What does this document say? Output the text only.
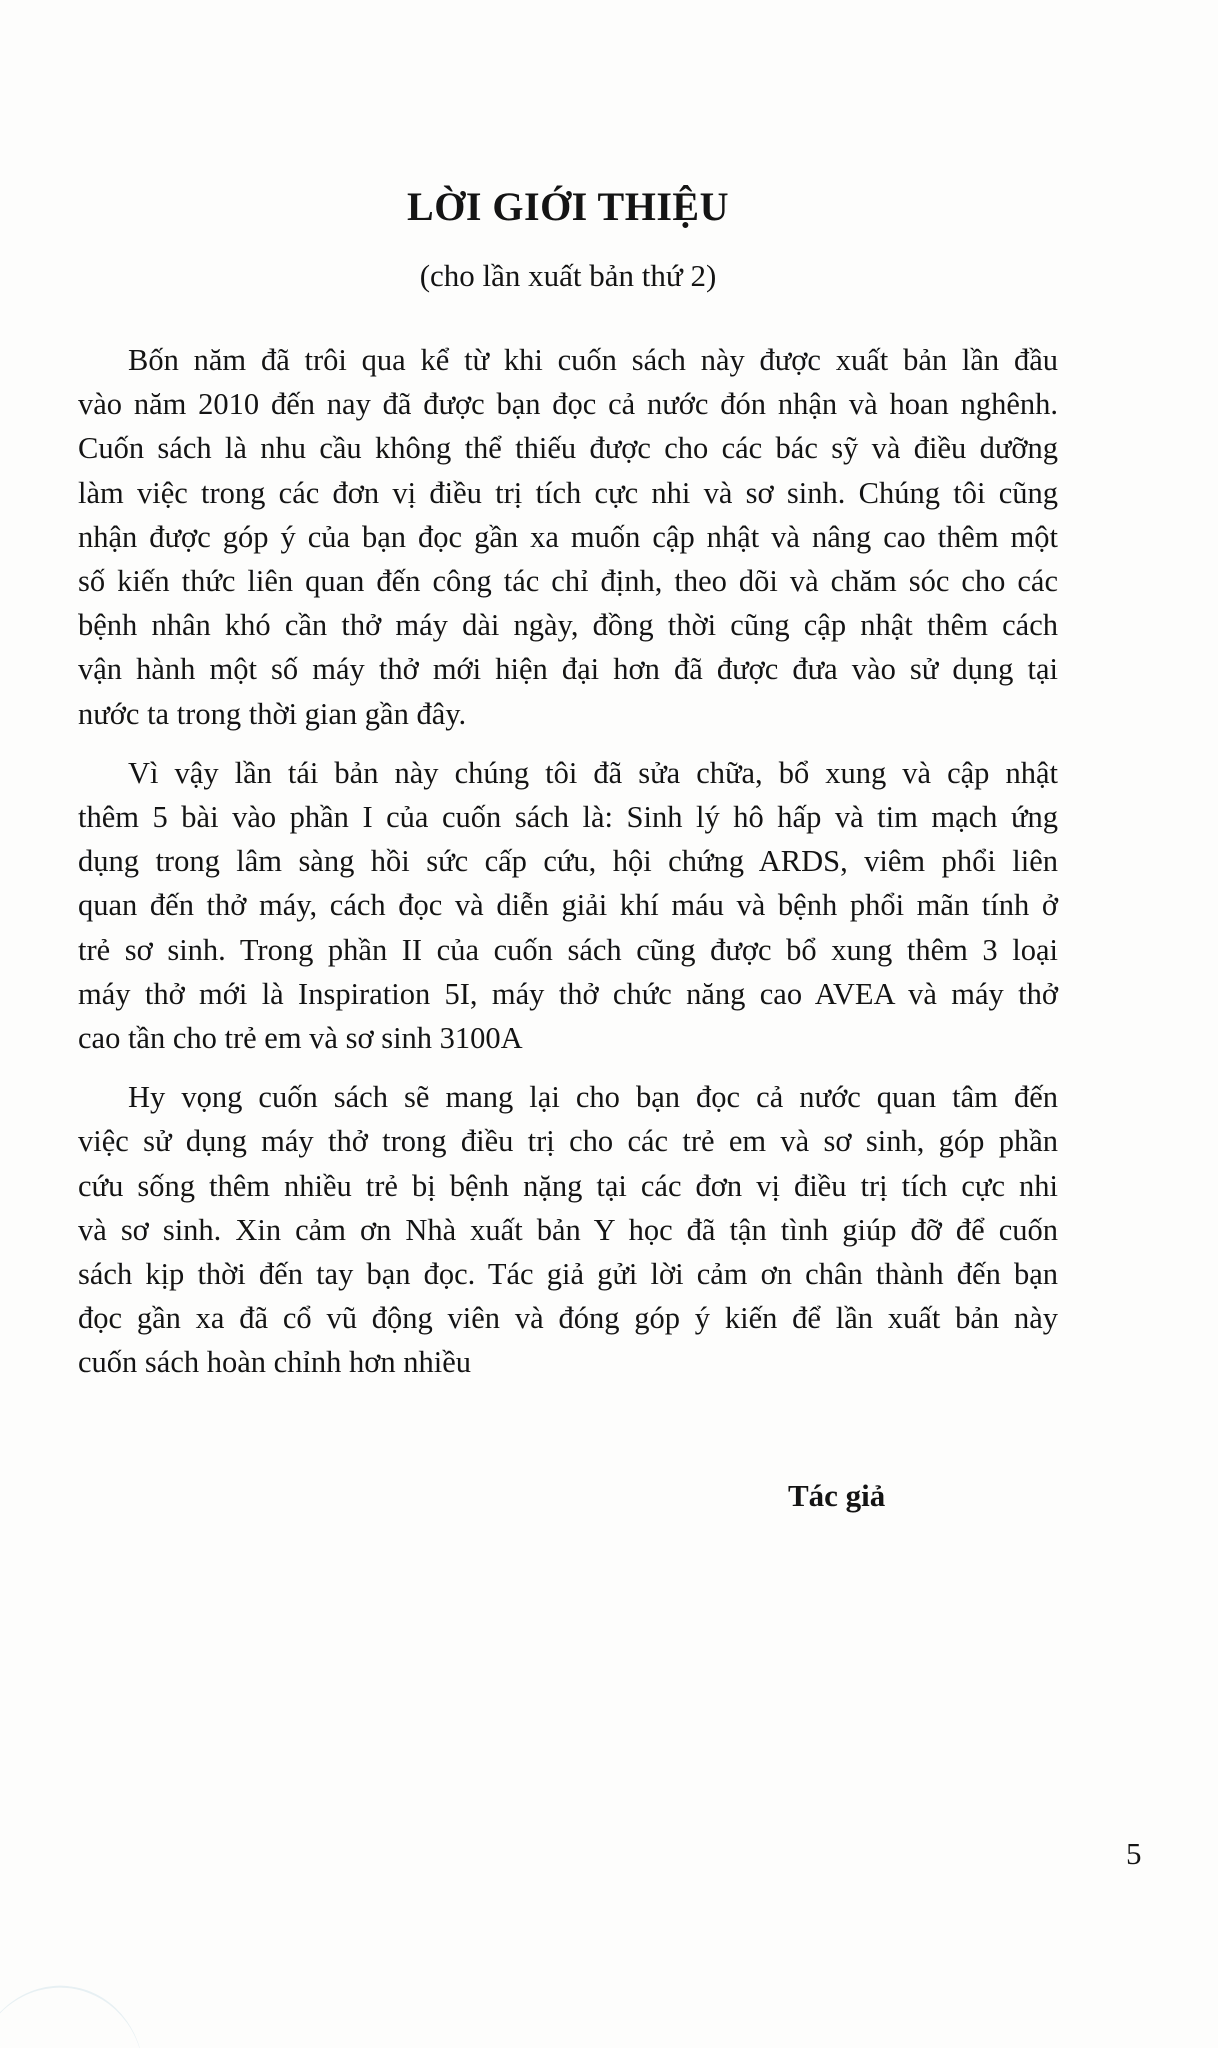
LỜI GIỚI THIỆU
(cho lần xuất bản thứ 2)
Bốn năm đã trôi qua kể từ khi cuốn sách này được xuất bản lần đầu
vào năm 2010 đến nay đã được bạn đọc cả nước đón nhận và hoan nghênh.
Cuốn sách là nhu cầu không thể thiếu được cho các bác sỹ và điều dưỡng
làm việc trong các đơn vị điều trị tích cực nhi và sơ sinh. Chúng tôi cũng
nhận được góp ý của bạn đọc gần xa muốn cập nhật và nâng cao thêm một
số kiến thức liên quan đến công tác chỉ định, theo dõi và chăm sóc cho các
bệnh nhân khó cần thở máy dài ngày, đồng thời cũng cập nhật thêm cách
vận hành một số máy thở mới hiện đại hơn đã được đưa vào sử dụng tại
nước ta trong thời gian gần đây.
Vì vậy lần tái bản này chúng tôi đã sửa chữa, bổ xung và cập nhật
thêm 5 bài vào phần I của cuốn sách là: Sinh lý hô hấp và tim mạch ứng
dụng trong lâm sàng hồi sức cấp cứu, hội chứng ARDS, viêm phổi liên
quan đến thở máy, cách đọc và diễn giải khí máu và bệnh phổi mãn tính ở
trẻ sơ sinh. Trong phần II của cuốn sách cũng được bổ xung thêm 3 loại
máy thở mới là Inspiration 5I, máy thở chức năng cao AVEA và máy thở
cao tần cho trẻ em và sơ sinh 3100A
Hy vọng cuốn sách sẽ mang lại cho bạn đọc cả nước quan tâm đến
việc sử dụng máy thở trong điều trị cho các trẻ em và sơ sinh, góp phần
cứu sống thêm nhiều trẻ bị bệnh nặng tại các đơn vị điều trị tích cực nhi
và sơ sinh. Xin cảm ơn Nhà xuất bản Y học đã tận tình giúp đỡ để cuốn
sách kịp thời đến tay bạn đọc. Tác giả gửi lời cảm ơn chân thành đến bạn
đọc gần xa đã cổ vũ động viên và đóng góp ý kiến để lần xuất bản này
cuốn sách hoàn chỉnh hơn nhiều
Tác giả
5
